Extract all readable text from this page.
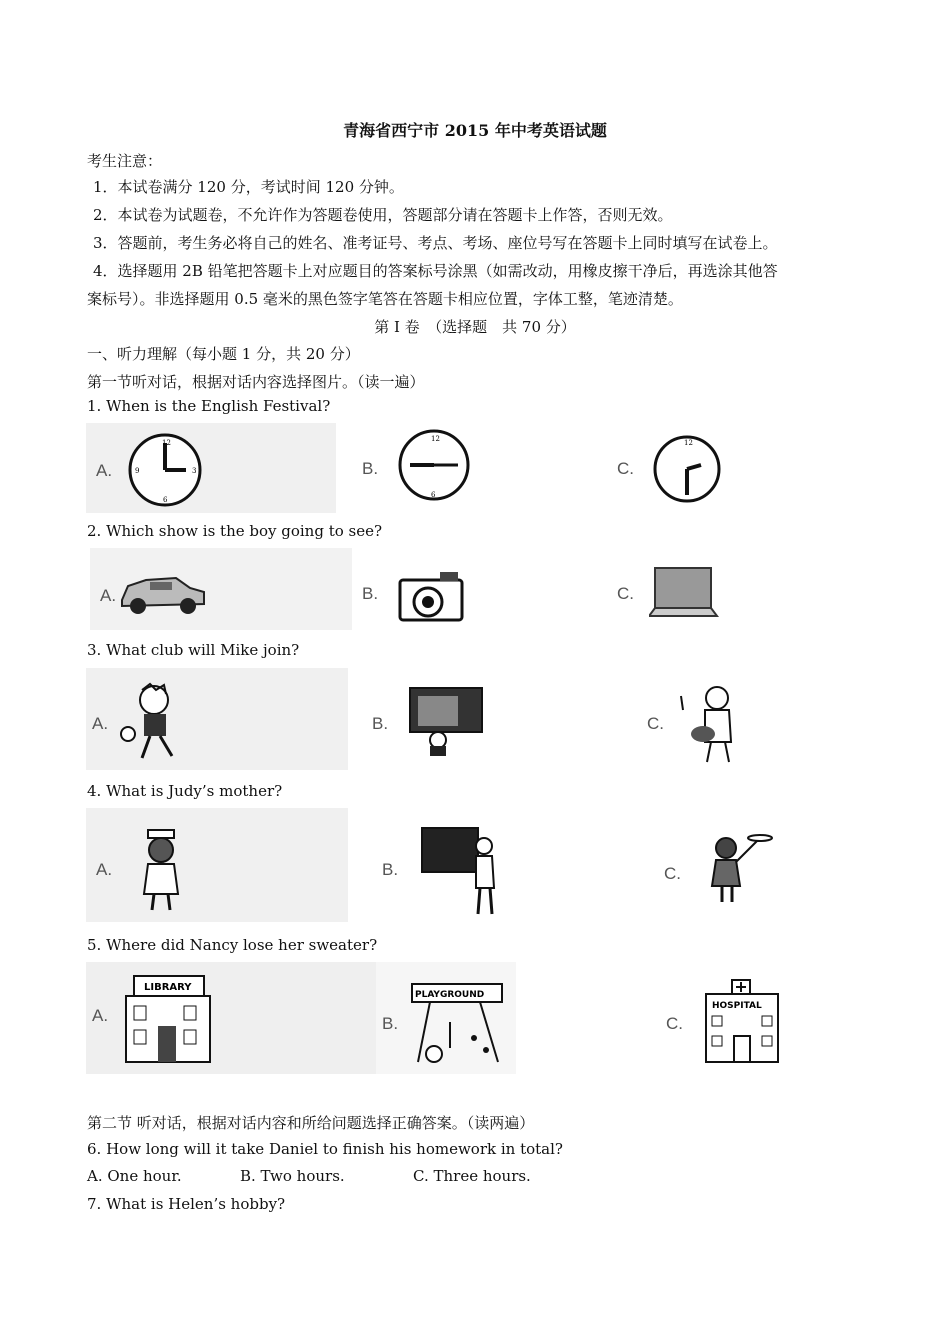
青海省西宁市 2015 年中考英语试题
考生注意：
1．本试卷满分 120 分，考试时间 120 分钟。
2．本试卷为试题卷，不允许作为答题卷使用，答题部分请在答题卡上作答，否则无效。
3．答题前，考生务必将自己的姓名、准考证号、考点、考场、座位号写在答题卡上同时填写在试卷上。
4．选择题用 2B 铅笔把答题卡上对应题目的答案标号涂黑（如需改动，用橡皮擦干净后，再选涂其他答
案标号）。非选择题用 0.5 毫米的黑色签字笔答在答题卡相应位置，字体工整，笔迹清楚。
第 Ⅰ 卷　（选择题　共 70 分）
一、听力理解（每小题 1 分，共 20 分）
第一节听对话，根据对话内容选择图片。（读一遍）
1. When is the English Festival?
A.
12
3
6
9	B.
12
6
C.
12
2. Which show is the boy going to see?
A.	B.	C.
3. What club will Mike join?
A.	B.	C.
4. What is Judy’s mother?
A.	B.	C.
5. Where did Nancy lose her sweater?
A.
LIBRARY
B.
PLAYGROUND
C.
HOSPITAL
第二节 听对话，根据对话内容和所给问题选择正确答案。（读两遍）
6. How long will it take Daniel to finish his homework in total?
A. One hour.	B. Two hours.	C. Three hours.
7. What is Helen’s hobby?
